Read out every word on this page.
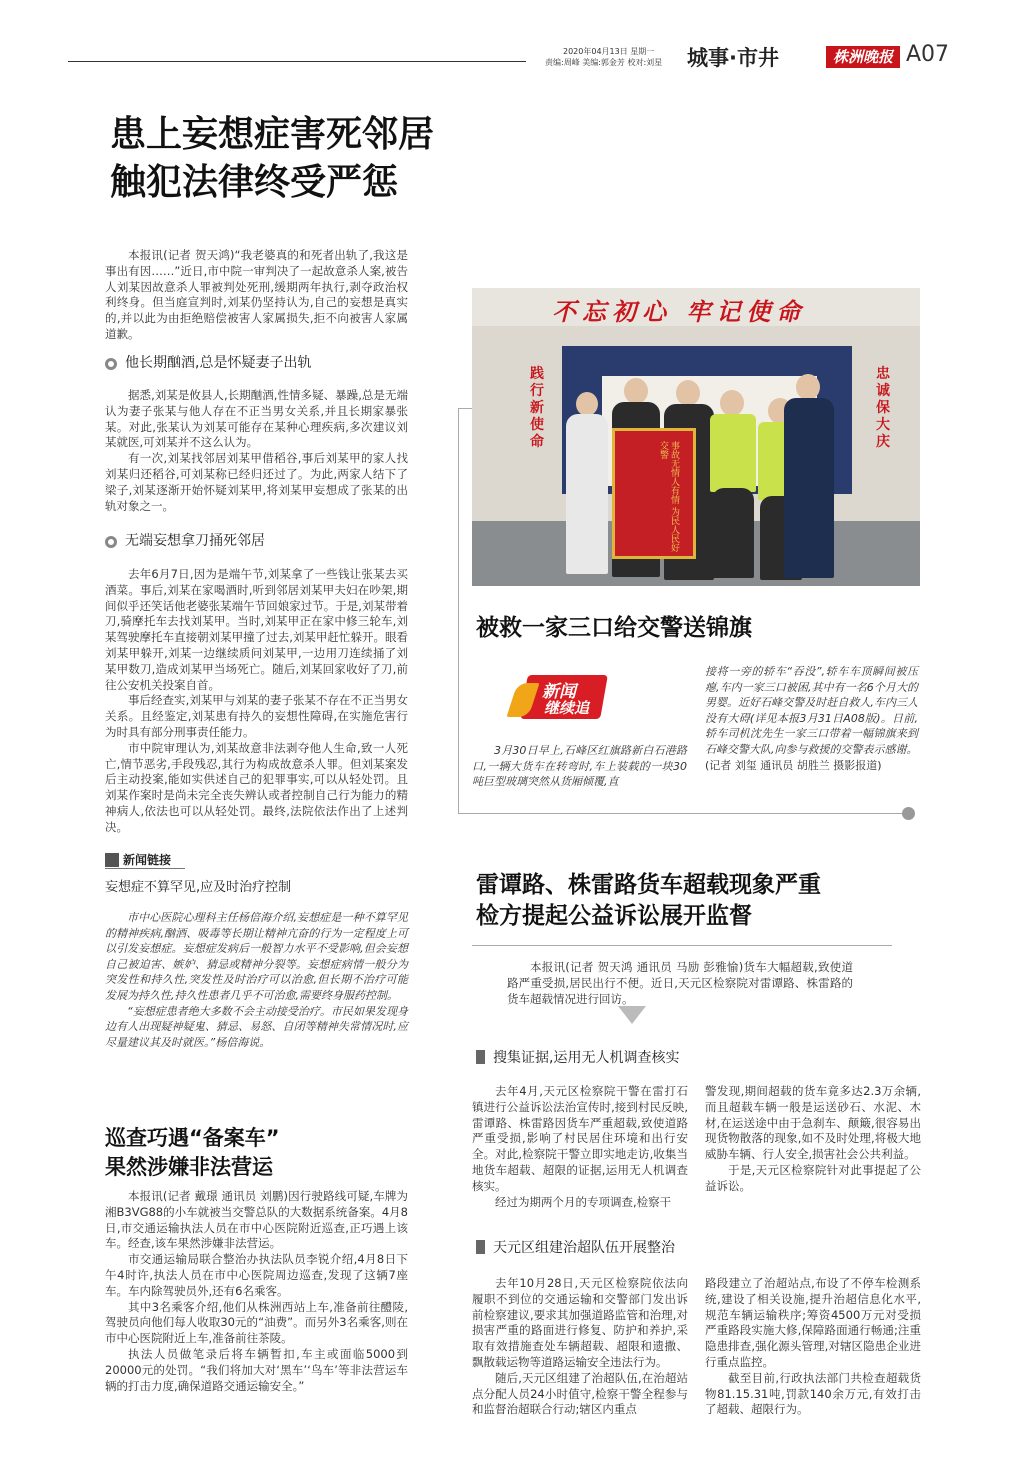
2020年04月13日 星期一
责编:周峰 美编:郭金芳 校对:刘星 城事·市井	株洲晚报 A07
患上妄想症害死邻居
触犯法律终受严惩

本报讯(记者 贺天鸿)“我老婆真的和死者出轨了,我这是事出有因……”近日,市中院一审判决了一起故意杀人案,被告人刘某因故意杀人罪被判处死刑,缓期两年执行,剥夺政治权利终身。但当庭宣判时,刘某仍坚持认为,自己的妄想是真实的,并以此为由拒绝赔偿被害人家属损失,拒不向被害人家属道歉。

他长期酗酒,总是怀疑妻子出轨

据悉,刘某是攸县人,长期酗酒,性情多疑、暴躁,总是无端认为妻子张某与他人存在不正当男女关系,并且长期家暴张某。对此,张某认为刘某可能存在某种心理疾病,多次建议刘某就医,可刘某并不这么认为。

有一次,刘某找邻居刘某甲借稻谷,事后刘某甲的家人找刘某归还稻谷,可刘某称已经归还过了。为此,两家人结下了梁子,刘某逐渐开始怀疑刘某甲,将刘某甲妄想成了张某的出轨对象之一。

无端妄想拿刀捅死邻居

去年6月7日,因为是端午节,刘某拿了一些钱让张某去买酒菜。事后,刘某在家喝酒时,听到邻居刘某甲夫妇在吵架,期间似乎还笑话他老婆张某端午节回娘家过节。于是,刘某带着刀,骑摩托车去找刘某甲。当时,刘某甲正在家中修三轮车,刘某驾驶摩托车直接朝刘某甲撞了过去,刘某甲赶忙躲开。眼看刘某甲躲开,刘某一边继续质问刘某甲,一边用刀连续捅了刘某甲数刀,造成刘某甲当场死亡。随后,刘某回家收好了刀,前往公安机关投案自首。

事后经查实,刘某甲与刘某的妻子张某不存在不正当男女关系。且经鉴定,刘某患有持久的妄想性障碍,在实施危害行为时具有部分刑事责任能力。

市中院审理认为,刘某故意非法剥夺他人生命,致一人死亡,情节恶劣,手段残忍,其行为构成故意杀人罪。但刘某案发后主动投案,能如实供述自己的犯罪事实,可以从轻处罚。且刘某作案时是尚未完全丧失辨认或者控制自己行为能力的精神病人,依法也可以从轻处罚。最终,法院依法作出了上述判决。

新闻链接
妄想症不算罕见,应及时治疗控制

市中心医院心理科主任杨倍海介绍,妄想症是一种不算罕见的精神疾病,酗酒、吸毒等长期让精神亢奋的行为一定程度上可以引发妄想症。妄想症发病后一般智力水平不受影响,但会妄想自己被迫害、嫉妒、猜忌或精神分裂等。妄想症病情一般分为突发性和持久性,突发性及时治疗可以治愈,但长期不治疗可能发展为持久性,持久性患者几乎不可治愈,需要终身服药控制。

“妄想症患者绝大多数不会主动接受治疗。市民如果发现身边有人出现疑神疑鬼、猜忌、易怒、自闭等精神失常情况时,应尽量建议其及时就医。”杨倍海说。

巡查巧遇“备案车”
果然涉嫌非法营运

本报讯(记者 戴璟 通讯员 刘鹏)因行驶路线可疑,车牌为湘B3VG88的小车就被当交警总队的大数据系统备案。4月8日,市交通运输执法人员在市中心医院附近巡查,正巧遇上该车。经查,该车果然涉嫌非法营运。

市交通运输局联合整治办执法队员李锐介绍,4月8日下午4时许,执法人员在市中心医院周边巡查,发现了这辆7座车。车内除驾驶员外,还有6名乘客。

其中3名乘客介绍,他们从株洲西站上车,准备前往醴陵,驾驶员向他们每人收取30元的“油费”。而另外3名乘客,则在市中心医院附近上车,准备前往茶陵。

执法人员做笔录后将车辆暂扣,车主或面临5000到20000元的处罚。“我们将加大对‘黑车’‘鸟车’等非法营运车辆的打击力度,确保道路交通运输安全。”

不忘初心 牢记使命
践行新使命
忠诚保大庆
事故无情人有情 为民人民好交警
被救一家三口给交警送锦旗
新闻
继续追

3月30日早上,石峰区红旗路新白石港路口,一辆大货车在转弯时,车上装载的一块30吨巨型玻璃突然从货厢倾覆,直

接将一旁的轿车“吞没”,轿车车顶瞬间被压瘪,车内一家三口被困,其中有一名6个月大的男婴。近好石峰交警及时赶自救人,车内三人没有大碍(详见本报3月31日A08版)。日前,轿车司机沈先生一家三口带着一幅锦旗来到石峰交警大队,向参与救援的交警表示感谢。

(记者 刘玺 通讯员 胡胜兰 摄影报道)

雷谭路、株雷路货车超载现象严重
检方提起公益诉讼展开监督

本报讯(记者 贺天鸿 通讯员 马励 彭雅愉)货车大幅超载,致使道路严重受损,居民出行不便。近日,天元区检察院对雷谭路、株雷路的货车超载情况进行回访。

搜集证据,运用无人机调查核实

去年4月,天元区检察院干警在雷打石镇进行公益诉讼法治宣传时,接到村民反映,雷谭路、株雷路因货车严重超载,致使道路严重受损,影响了村民居住环境和出行安全。对此,检察院干警立即实地走访,收集当地货车超载、超限的证据,运用无人机调查核实。

经过为期两个月的专项调查,检察干

警发现,期间超载的货车竟多达2.3万余辆,而且超载车辆一般是运送砂石、水泥、木材,在运送途中由于急刹车、颠簸,很容易出现货物散落的现象,如不及时处理,将极大地威胁车辆、行人安全,损害社会公共利益。

于是,天元区检察院针对此事提起了公益诉讼。

天元区组建治超队伍开展整治

去年10月28日,天元区检察院依法向履职不到位的交通运输和交警部门发出诉前检察建议,要求其加强道路监管和治理,对损害严重的路面进行修复、防护和养护,采取有效措施查处车辆超载、超限和遗撒、飘散载运物等道路运输安全违法行为。

随后,天元区组建了治超队伍,在治超站点分配人员24小时值守,检察干警全程参与和监督治超联合行动;辖区内重点

路段建立了治超站点,布设了不停车检测系统,建设了相关设施,提升治超信息化水平,规范车辆运输秩序;筹资4500万元对受损严重路段实施大修,保障路面通行畅通;注重隐患排查,强化源头管理,对辖区隐患企业进行重点监控。

截至目前,行政执法部门共检查超载货物81.15.31吨,罚款140余万元,有效打击了超载、超限行为。
